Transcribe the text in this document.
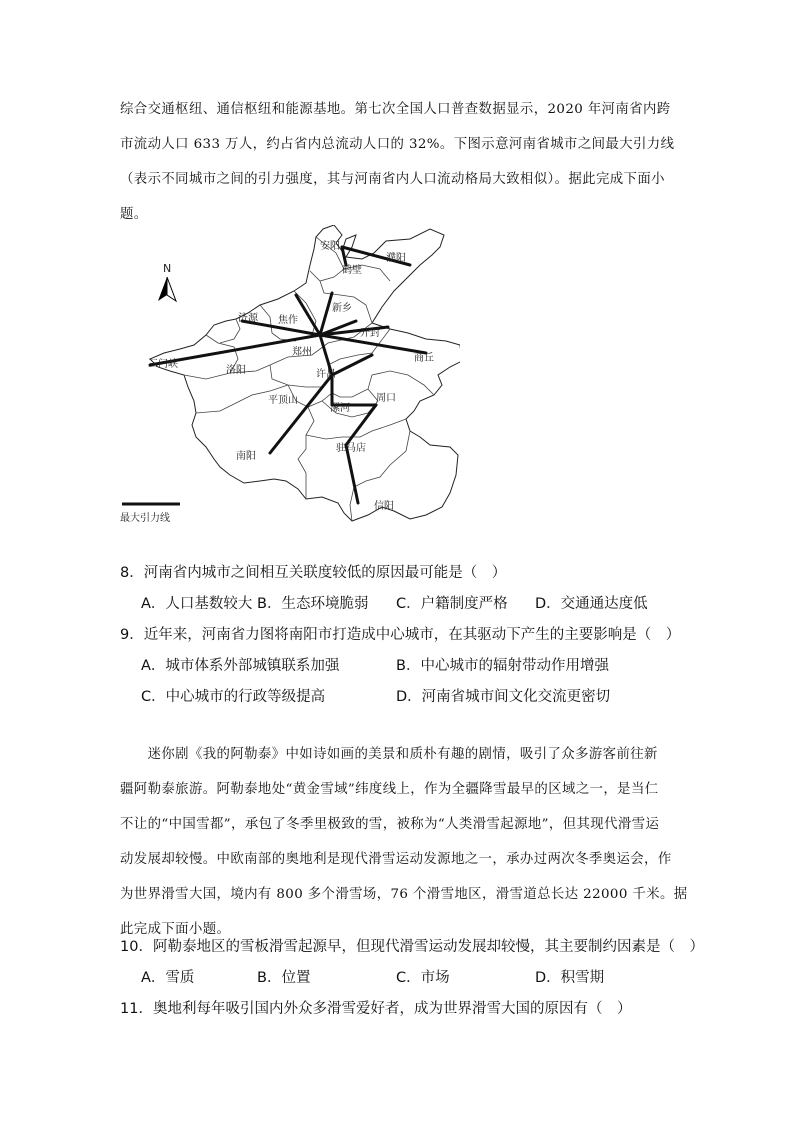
综合交通枢纽、通信枢纽和能源基地。第七次全国人口普查数据显示，2020 年河南省内跨
市流动人口 633 万人，约占省内总流动人口的 32%。下图示意河南省城市之间最大引力线
（表示不同城市之间的引力强度，其与河南省内人口流动格局大致相似）。据此完成下面小
题。
N
安阳
濮阳
鹤壁
新乡
济源 焦作
开封
郑州
三门峡
洛阳
商丘
许昌
平顶山
漯河
周口
驻马店
南阳
信阳
最大引力线
8．河南省内城市之间相互关联度较低的原因最可能是（　）
A．人口基数较大 B．生态环境脆弱 C．户籍制度严格 D．交通通达度低
9．近年来，河南省力图将南阳市打造成中心城市，在其驱动下产生的主要影响是（　）
A．城市体系外部城镇联系加强	B．中心城市的辐射带动作用增强
C．中心城市的行政等级提高	D．河南省城市间文化交流更密切
　　迷你剧《我的阿勒泰》中如诗如画的美景和质朴有趣的剧情，吸引了众多游客前往新
疆阿勒泰旅游。阿勒泰地处“黄金雪域”纬度线上，作为全疆降雪最早的区域之一，是当仁
不让的“中国雪都”，承包了冬季里极致的雪，被称为“人类滑雪起源地”，但其现代滑雪运
动发展却较慢。中欧南部的奥地利是现代滑雪运动发源地之一，承办过两次冬季奥运会，作
为世界滑雪大国，境内有 800 多个滑雪场，76 个滑雪地区，滑雪道总长达 22000 千米。据
此完成下面小题。
10．阿勒泰地区的雪板滑雪起源早，但现代滑雪运动发展却较慢，其主要制约因素是（　）
A．雪质	B．位置	C．市场	D．积雪期
11．奥地利每年吸引国内外众多滑雪爱好者，成为世界滑雪大国的原因有（　）
